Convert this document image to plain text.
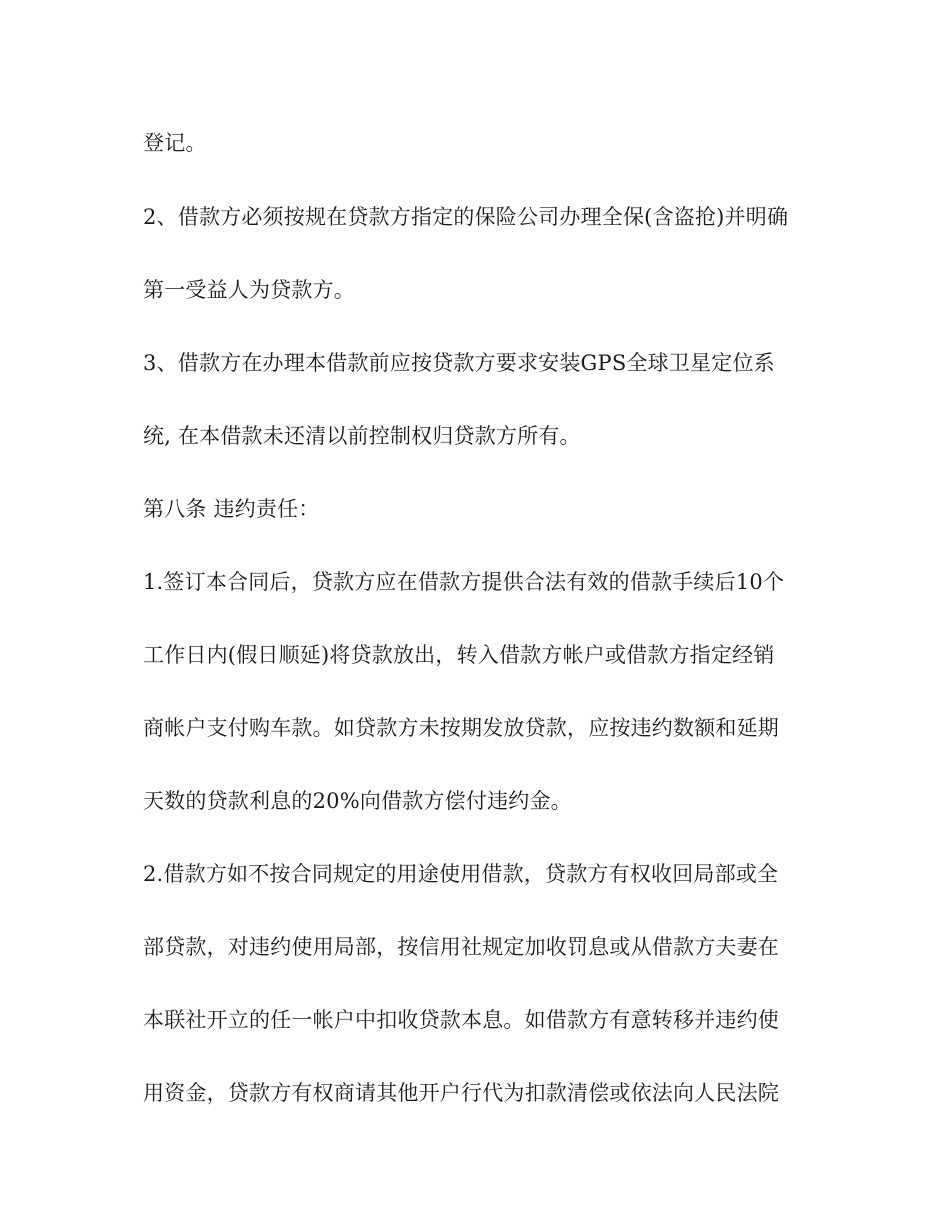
登记。

2、借款方必须按规在贷款方指定的保险公司办理全保(含盗抢)并明确

第一受益人为贷款方。

3、借款方在办理本借款前应按贷款方要求安装GPS全球卫星定位系

统, 在本借款未还清以前控制权归贷款方所有。

第八条 违约责任：

1.签订本合同后，贷款方应在借款方提供合法有效的借款手续后10个

工作日内(假日顺延)将贷款放出，转入借款方帐户或借款方指定经销

商帐户支付购车款。如贷款方未按期发放贷款，应按违约数额和延期

天数的贷款利息的20%向借款方偿付违约金。

2.借款方如不按合同规定的用途使用借款，贷款方有权收回局部或全

部贷款，对违约使用局部，按信用社规定加收罚息或从借款方夫妻在

本联社开立的任一帐户中扣收贷款本息。如借款方有意转移并违约使

用资金，贷款方有权商请其他开户行代为扣款清偿或依法向人民法院
